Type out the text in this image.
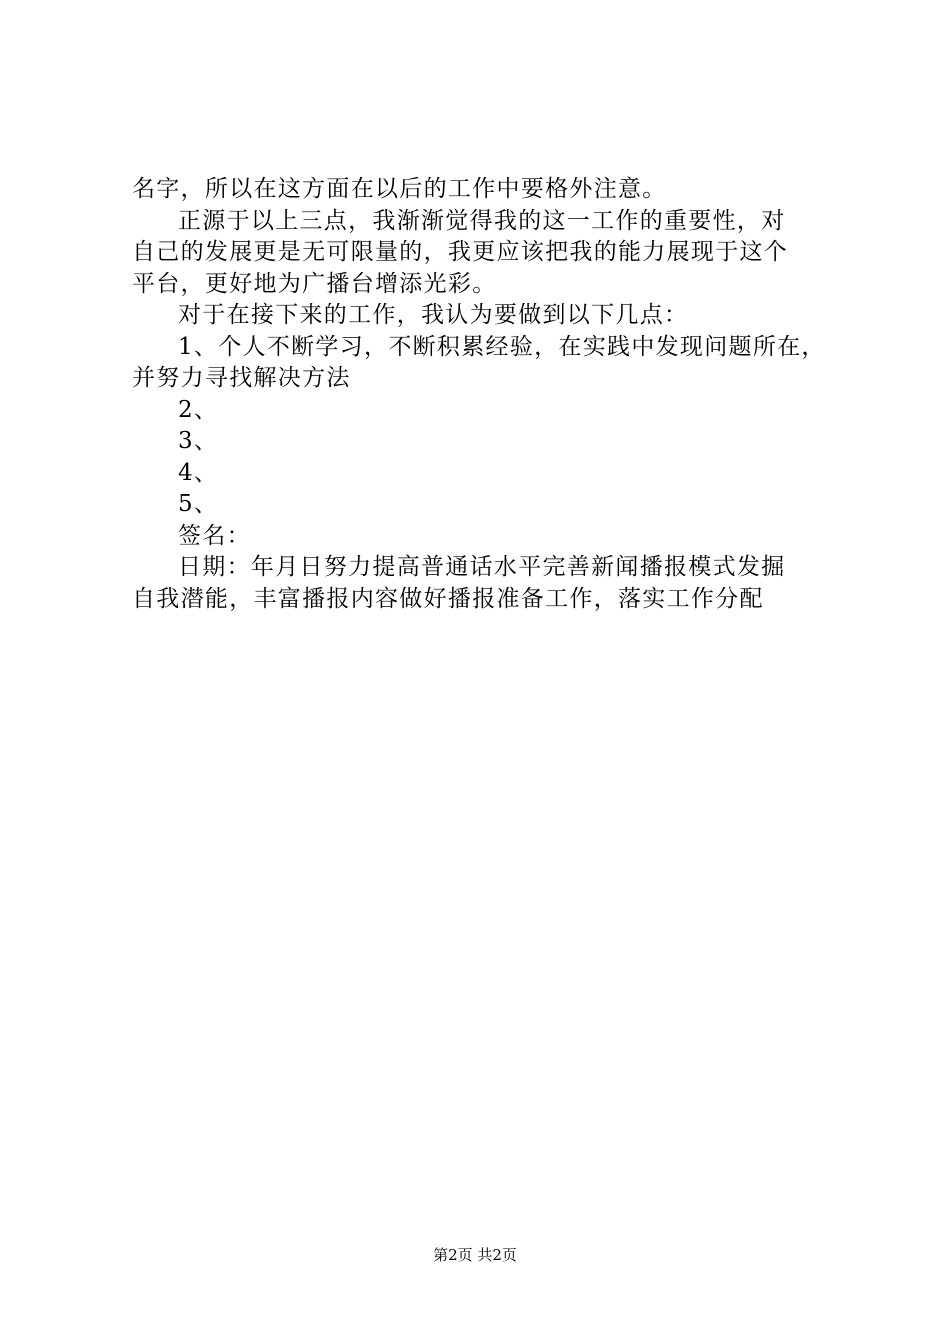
名字，所以在这方面在以后的工作中要格外注意。
正源于以上三点，我渐渐觉得我的这一工作的重要性，对
自己的发展更是无可限量的，我更应该把我的能力展现于这个
平台，更好地为广播台增添光彩。
对于在接下来的工作，我认为要做到以下几点：
1、个人不断学习，不断积累经验，在实践中发现问题所在，
并努力寻找解决方法
2、
3、
4、
5、
签名：
日期：年月日努力提高普通话水平完善新闻播报模式发掘
自我潜能，丰富播报内容做好播报准备工作，落实工作分配
第2页 共2页
